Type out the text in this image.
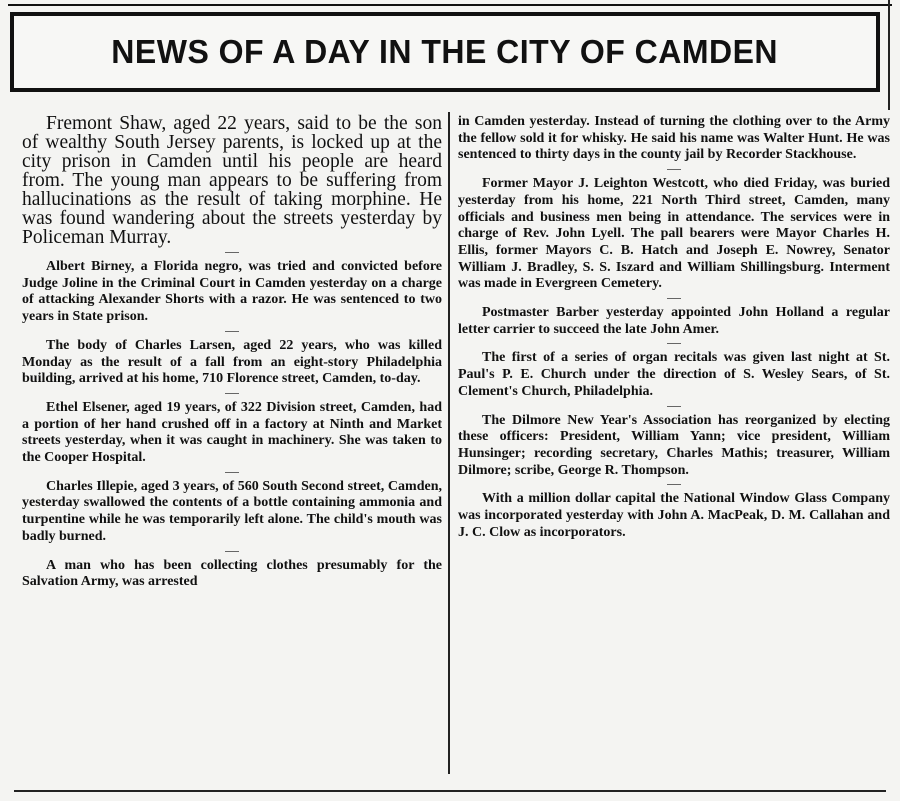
NEWS OF A DAY IN THE CITY OF CAMDEN

Fremont Shaw, aged 22 years, said to be the son of wealthy South Jersey parents, is locked up at the city prison in Camden until his people are heard from. The young man appears to be suffering from hallucinations as the result of taking morphine. He was found wandering about the streets yesterday by Policeman Murray.

Albert Birney, a Florida negro, was tried and convicted before Judge Joline in the Criminal Court in Camden yesterday on a charge of attacking Alexander Shorts with a razor. He was sentenced to two years in State prison.

The body of Charles Larsen, aged 22 years, who was killed Monday as the result of a fall from an eight-story Philadelphia building, arrived at his home, 710 Florence street, Camden, to-day.

Ethel Elsener, aged 19 years, of 322 Division street, Camden, had a portion of her hand crushed off in a factory at Ninth and Market streets yesterday, when it was caught in machinery. She was taken to the Cooper Hospital.

Charles Illepie, aged 3 years, of 560 South Second street, Camden, yesterday swallowed the contents of a bottle containing ammonia and turpentine while he was temporarily left alone. The child's mouth was badly burned.

A man who has been collecting clothes presumably for the Salvation Army, was arrested

in Camden yesterday. Instead of turning the clothing over to the Army the fellow sold it for whisky. He said his name was Walter Hunt. He was sentenced to thirty days in the county jail by Recorder Stackhouse.

Former Mayor J. Leighton Westcott, who died Friday, was buried yesterday from his home, 221 North Third street, Camden, many officials and business men being in attendance. The services were in charge of Rev. John Lyell. The pall bearers were Mayor Charles H. Ellis, former Mayors C. B. Hatch and Joseph E. Nowrey, Senator William J. Bradley, S. S. Iszard and William Shillingsburg. Interment was made in Evergreen Cemetery.

Postmaster Barber yesterday appointed John Holland a regular letter carrier to succeed the late John Amer.

The first of a series of organ recitals was given last night at St. Paul's P. E. Church under the direction of S. Wesley Sears, of St. Clement's Church, Philadelphia.

The Dilmore New Year's Association has reorganized by electing these officers: President, William Yann; vice president, William Hunsinger; recording secretary, Charles Mathis; treasurer, William Dilmore; scribe, George R. Thompson.

With a million dollar capital the National Window Glass Company was incorporated yesterday with John A. MacPeak, D. M. Callahan and J. C. Clow as incorporators.
